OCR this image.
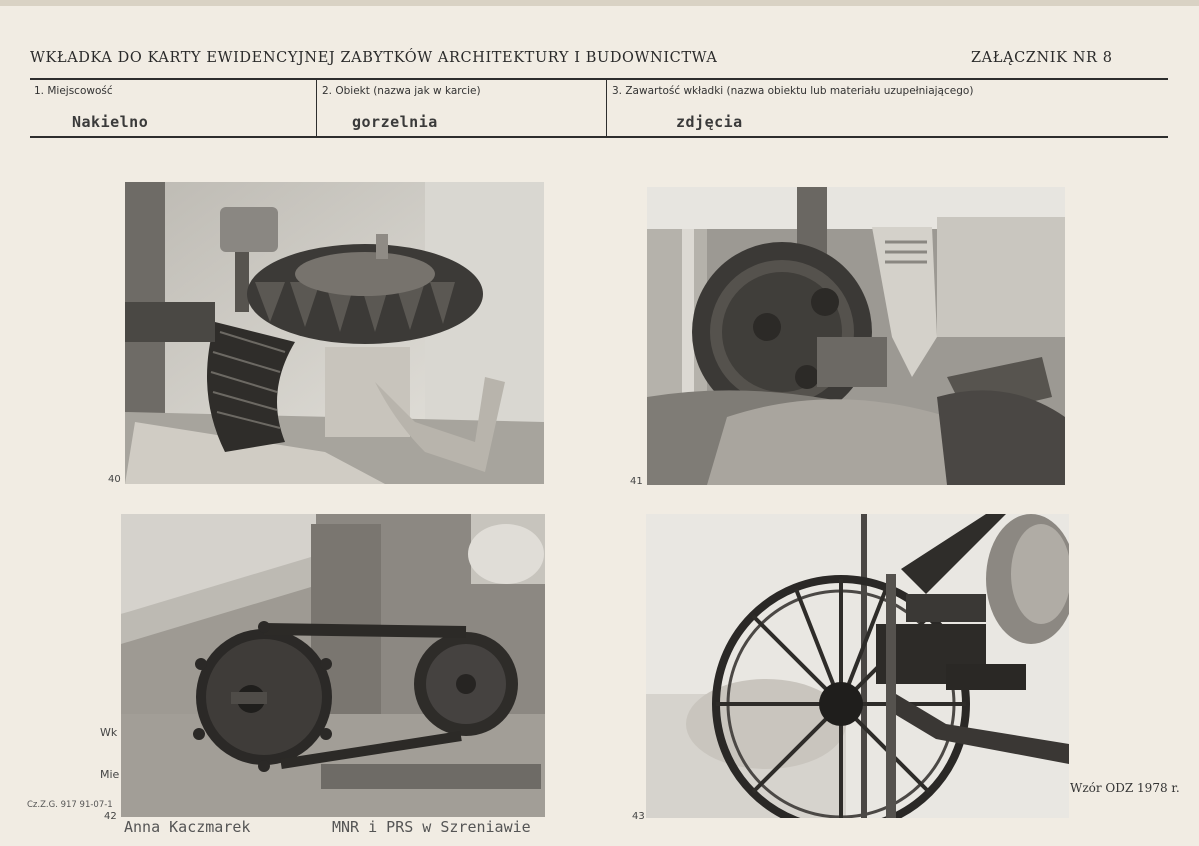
WKŁADKA DO KARTY EWIDENCYJNEJ ZABYTKÓW ARCHITEKTURY I BUDOWNICTWA	ZAŁĄCZNIK NR 8
1. Miejscowość
Nakielno
2. Obiekt (nazwa jak w karcie)
gorzelnia
3. Zawartość wkładki (nazwa obiektu lub materiału uzupełniającego)
zdjęcia
Wk
Mie
Cz.Z.G. 917 91-07-1
Anna Kaczmarek	MNR i PRS w Szreniawie
Wzór ODZ 1978 r.
40	41
42	43
